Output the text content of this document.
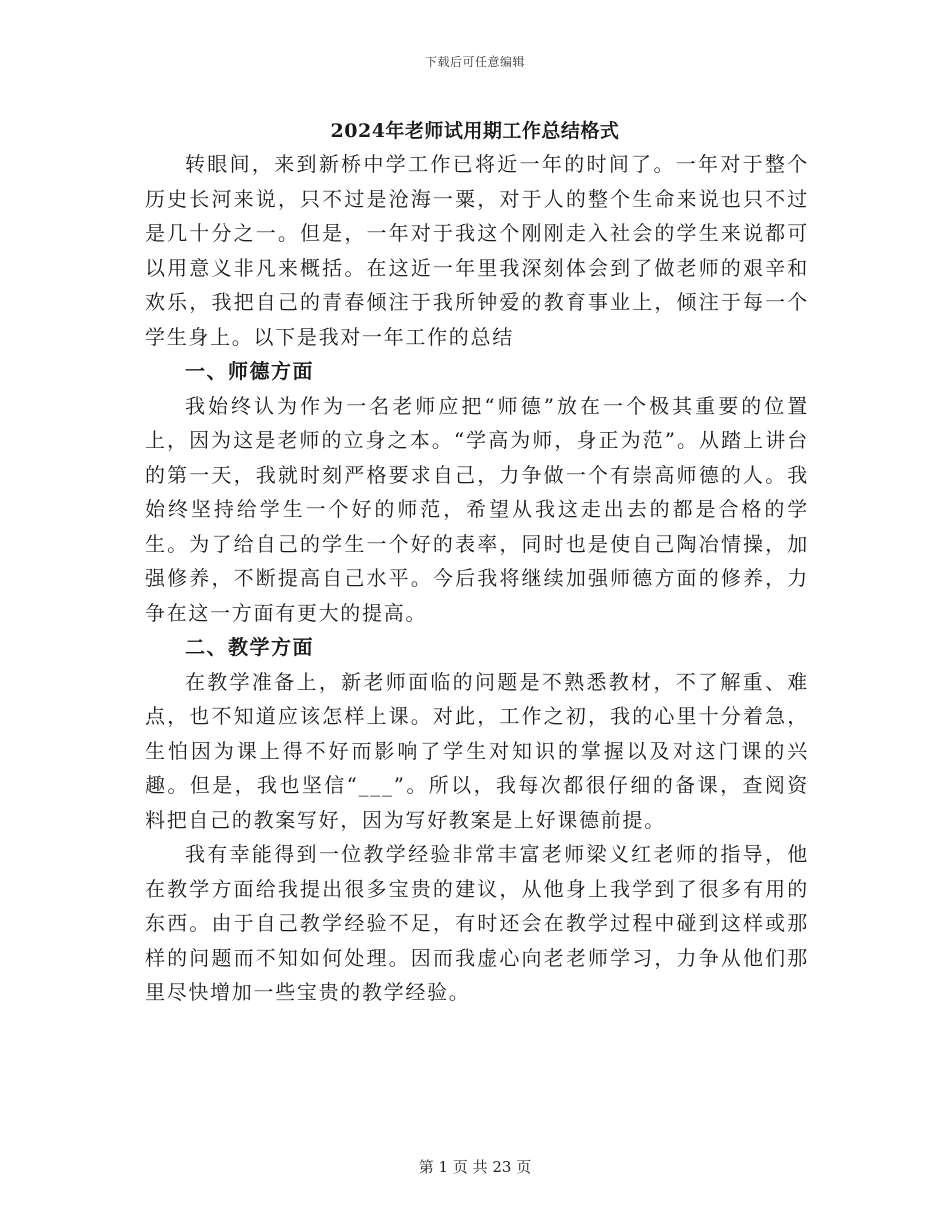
下载后可任意编辑
2024年老师试用期工作总结格式

转眼间，来到新桥中学工作已将近一年的时间了。一年对于整个历史长河来说，只不过是沧海一粟，对于人的整个生命来说也只不过是几十分之一。但是，一年对于我这个刚刚走入社会的学生来说都可以用意义非凡来概括。在这近一年里我深刻体会到了做老师的艰辛和欢乐，我把自己的青春倾注于我所钟爱的教育事业上，倾注于每一个学生身上。以下是我对一年工作的总结

一、师德方面

我始终认为作为一名老师应把“师德”放在一个极其重要的位置上，因为这是老师的立身之本。“学高为师，身正为范”。从踏上讲台的第一天，我就时刻严格要求自己，力争做一个有崇高师德的人。我始终坚持给学生一个好的师范，希望从我这走出去的都是合格的学生。为了给自己的学生一个好的表率，同时也是使自己陶冶情操，加强修养，不断提高自己水平。今后我将继续加强师德方面的修养，力争在这一方面有更大的提高。

二、教学方面

在教学准备上，新老师面临的问题是不熟悉教材，不了解重、难点，也不知道应该怎样上课。对此，工作之初，我的心里十分着急，生怕因为课上得不好而影响了学生对知识的掌握以及对这门课的兴趣。但是，我也坚信“___”。所以，我每次都很仔细的备课，查阅资料把自己的教案写好，因为写好教案是上好课德前提。

我有幸能得到一位教学经验非常丰富老师梁义红老师的指导，他在教学方面给我提出很多宝贵的建议，从他身上我学到了很多有用的东西。由于自己教学经验不足，有时还会在教学过程中碰到这样或那样的问题而不知如何处理。因而我虚心向老老师学习，力争从他们那里尽快增加一些宝贵的教学经验。

第 1 页 共 23 页
